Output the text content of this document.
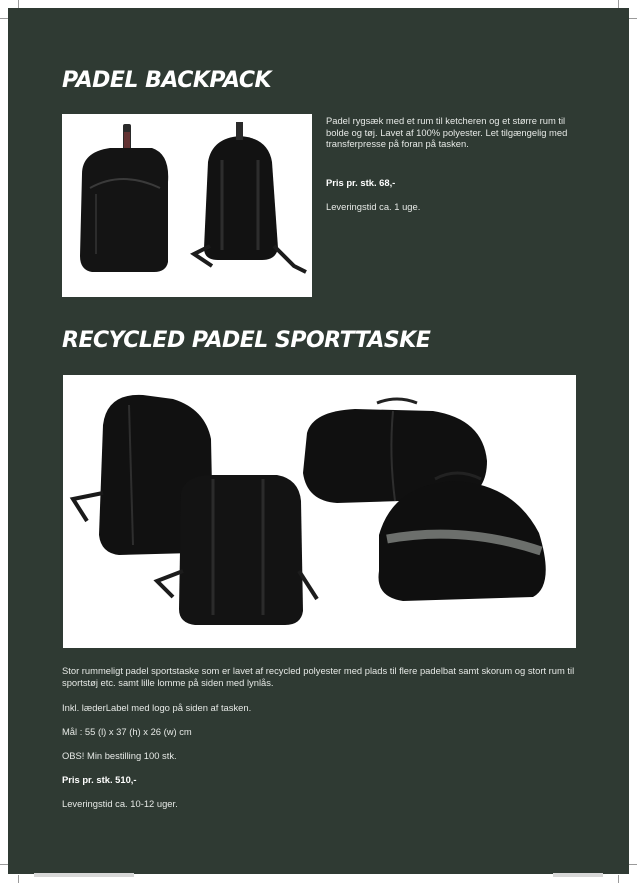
PADEL BACKPACK

Padel rygsæk med et rum til ketcheren og et større rum til bolde og tøj. Lavet af 100% polyester. Let tilgængelig med transferpresse på foran på tasken.

Pris pr. stk. 68,-

Leveringstid ca. 1 uge.

RECYCLED PADEL SPORTTASKE

Stor rummeligt padel sportstaske som er lavet af recycled polyester med plads til flere padelbat samt skorum og stort rum til sportstøj etc. samt lille lomme på siden med lynlås.

Inkl. læderLabel med logo på siden af tasken.

Mål : 55 (l) x 37 (h) x 26 (w) cm

OBS! Min bestilling 100 stk.

Pris pr. stk. 510,-

Leveringstid ca. 10-12 uger.
